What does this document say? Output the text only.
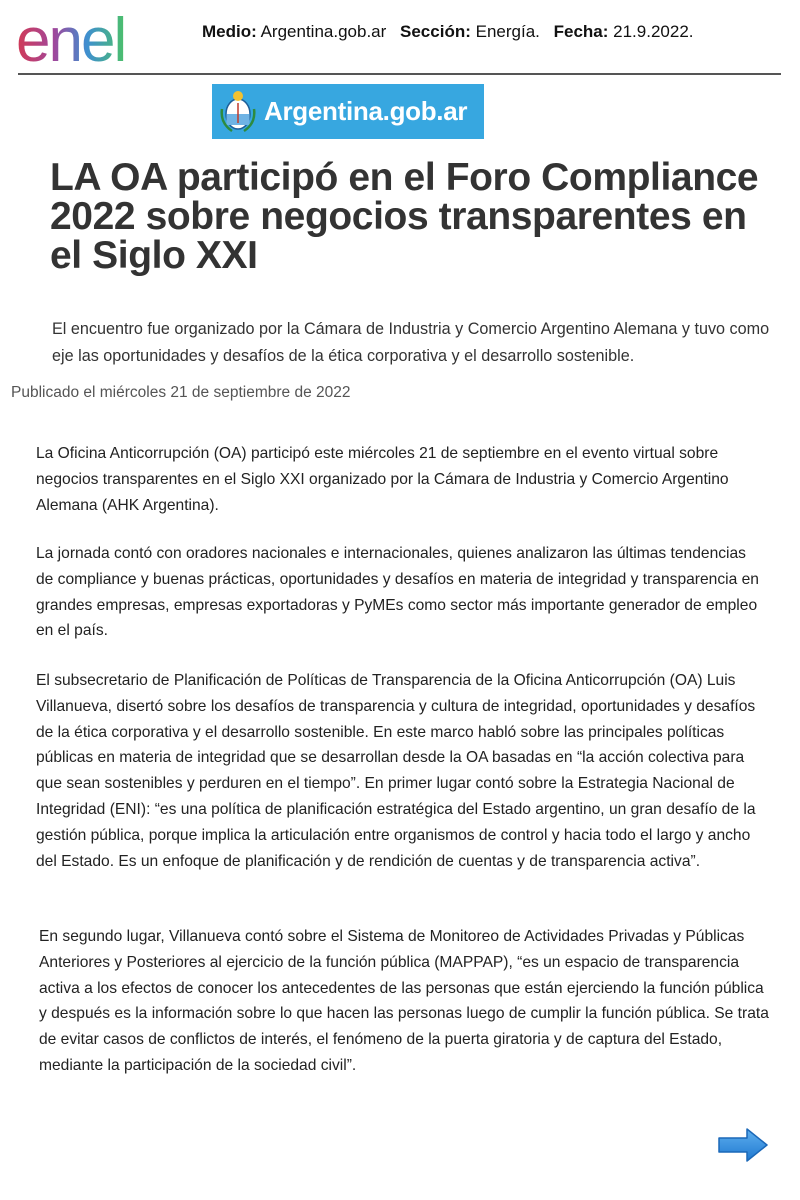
enel	Medio: Argentina.gob.ar Sección: Energía. Fecha: 21.9.2022.
Argentina.gob.ar
LA OA participó en el Foro Compliance 2022 sobre negocios transparentes en el Siglo XXI

El encuentro fue organizado por la Cámara de Industria y Comercio Argentino Alemana y tuvo como eje las oportunidades y desafíos de la ética corporativa y el desarrollo sostenible.

Publicado el miércoles 21 de septiembre de 2022

La Oficina Anticorrupción (OA) participó este miércoles 21 de septiembre en el evento virtual sobre negocios transparentes en el Siglo XXI organizado por la Cámara de Industria y Comercio Argentino Alemana (AHK Argentina).

La jornada contó con oradores nacionales e internacionales, quienes analizaron las últimas tendencias de compliance y buenas prácticas, oportunidades y desafíos en materia de integridad y transparencia en grandes empresas, empresas exportadoras y PyMEs como sector más importante generador de empleo en el país.

El subsecretario de Planificación de Políticas de Transparencia de la Oficina Anticorrupción (OA) Luis Villanueva, disertó sobre los desafíos de transparencia y cultura de integridad, oportunidades y desafíos de la ética corporativa y el desarrollo sostenible. En este marco habló sobre las principales políticas públicas en materia de integridad que se desarrollan desde la OA basadas en “la acción colectiva para que sean sostenibles y perduren en el tiempo”. En primer lugar contó sobre la Estrategia Nacional de Integridad (ENI): “es una política de planificación estratégica del Estado argentino, un gran desafío de la gestión pública, porque implica la articulación entre organismos de control y hacia todo el largo y ancho del Estado. Es un enfoque de planificación y de rendición de cuentas y de transparencia activa”.

En segundo lugar, Villanueva contó sobre el Sistema de Monitoreo de Actividades Privadas y Públicas Anteriores y Posteriores al ejercicio de la función pública (MAPPAP), “es un espacio de transparencia activa a los efectos de conocer los antecedentes de las personas que están ejerciendo la función pública y después es la información sobre lo que hacen las personas luego de cumplir la función pública. Se trata de evitar casos de conflictos de interés, el fenómeno de la puerta giratoria y de captura del Estado, mediante la participación de la sociedad civil”.
